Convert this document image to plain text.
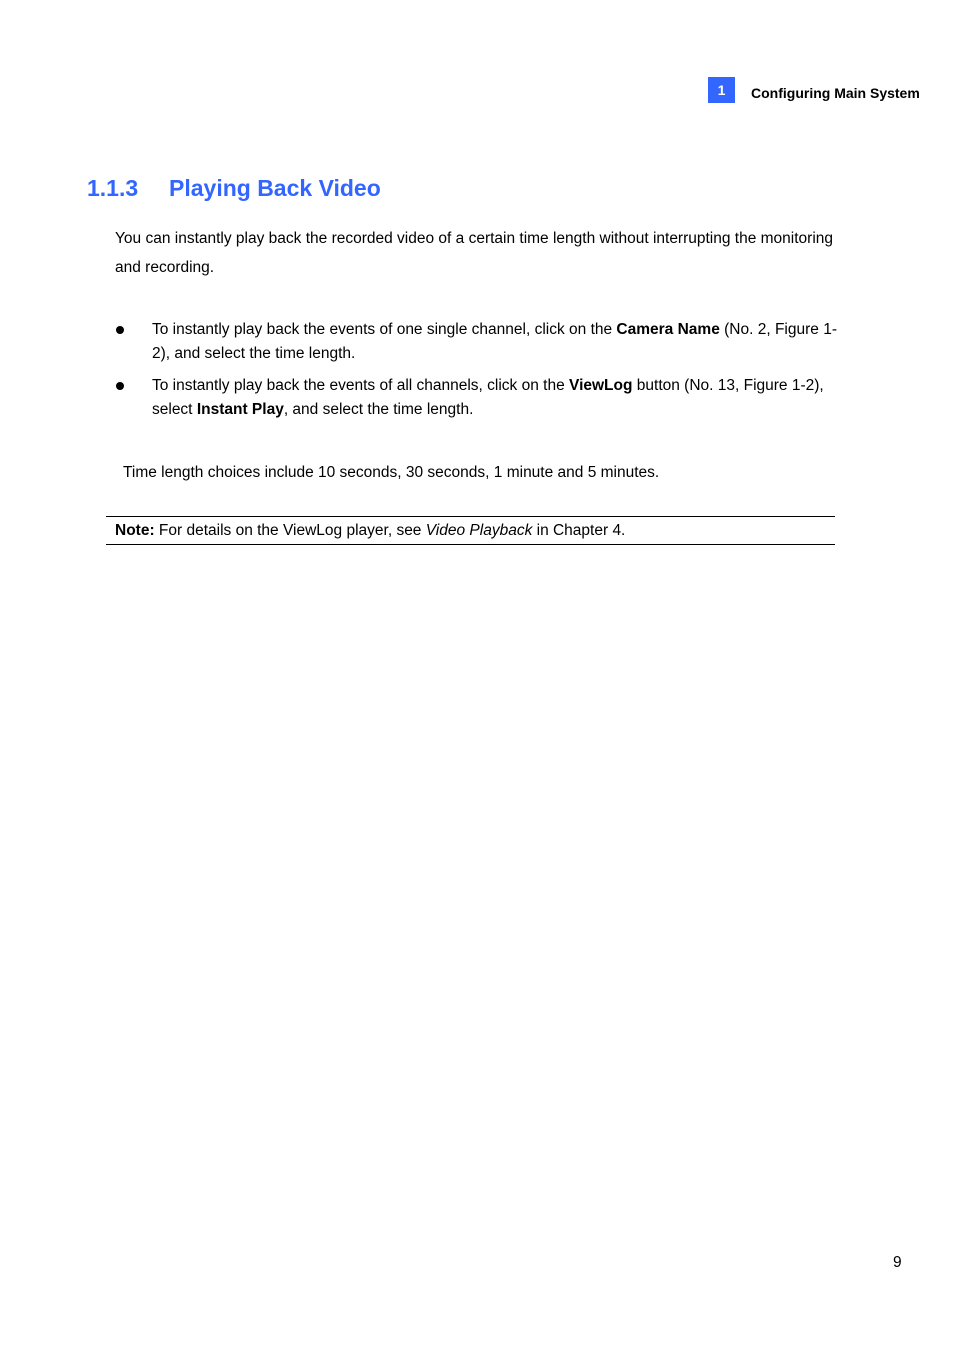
1	Configuring Main System
1.1.3 Playing Back Video

You can instantly play back the recorded video of a certain time length without interrupting the monitoring and recording.

To instantly play back the events of one single channel, click on the Camera Name (No. 2, Figure 1-2), and select the time length.
To instantly play back the events of all channels, click on the ViewLog button (No. 13, Figure 1-2), select Instant Play, and select the time length.
Time length choices include 10 seconds, 30 seconds, 1 minute and 5 minutes.
Note: For details on the ViewLog player, see Video Playback in Chapter 4.
9
